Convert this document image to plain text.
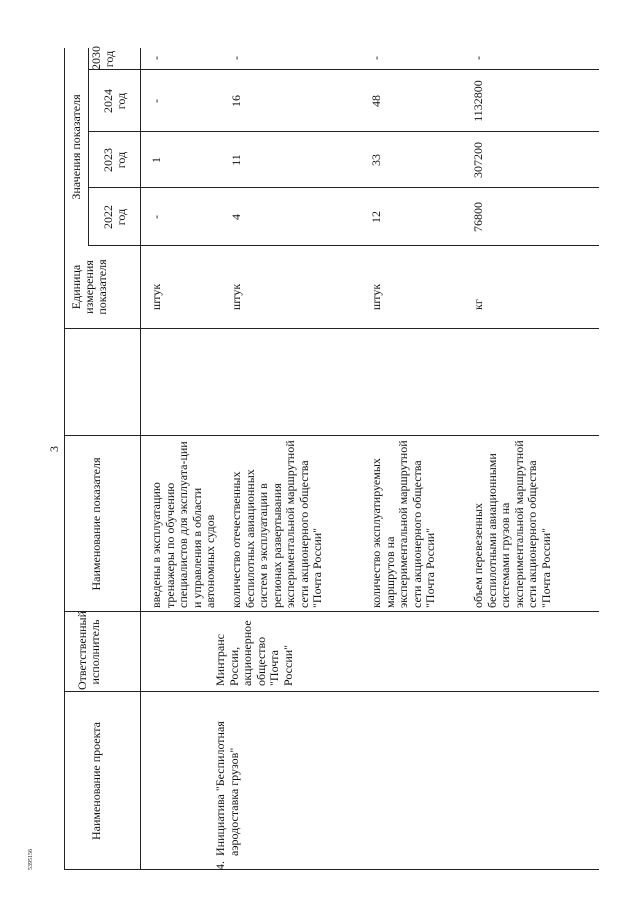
3
5395156
Наименование проекта
Ответственный исполнитель
Наименование показателя
Единица измерения показателя
Значения показателя
2022 год
2023 год
2024 год
2030 год
4.
Инициатива "Беспилотная аэродоставка грузов"
Минтранс России, акционерное общество "Почта России"
введены в эксплуатацию тренажеры по обучению специалистов для эксплуата-ции и управления в области автономных судов
штук
-
1
-
-
количество отечественных беспилотных авиационных систем в эксплуатации в регионах развертывания экспериментальной маршрутной сети акционерного общества "Почта России"
штук
4
11
16
-
количество эксплуатируемых маршрутов на экспериментальной маршрутной сети акционерного общества "Почта России"
штук
12
33
48
-
объем перевезенных беспилотными авиационными системами грузов на экспериментальной маршрутной сети акционерного общества "Почта России"
кг
76800
307200
1132800
-
